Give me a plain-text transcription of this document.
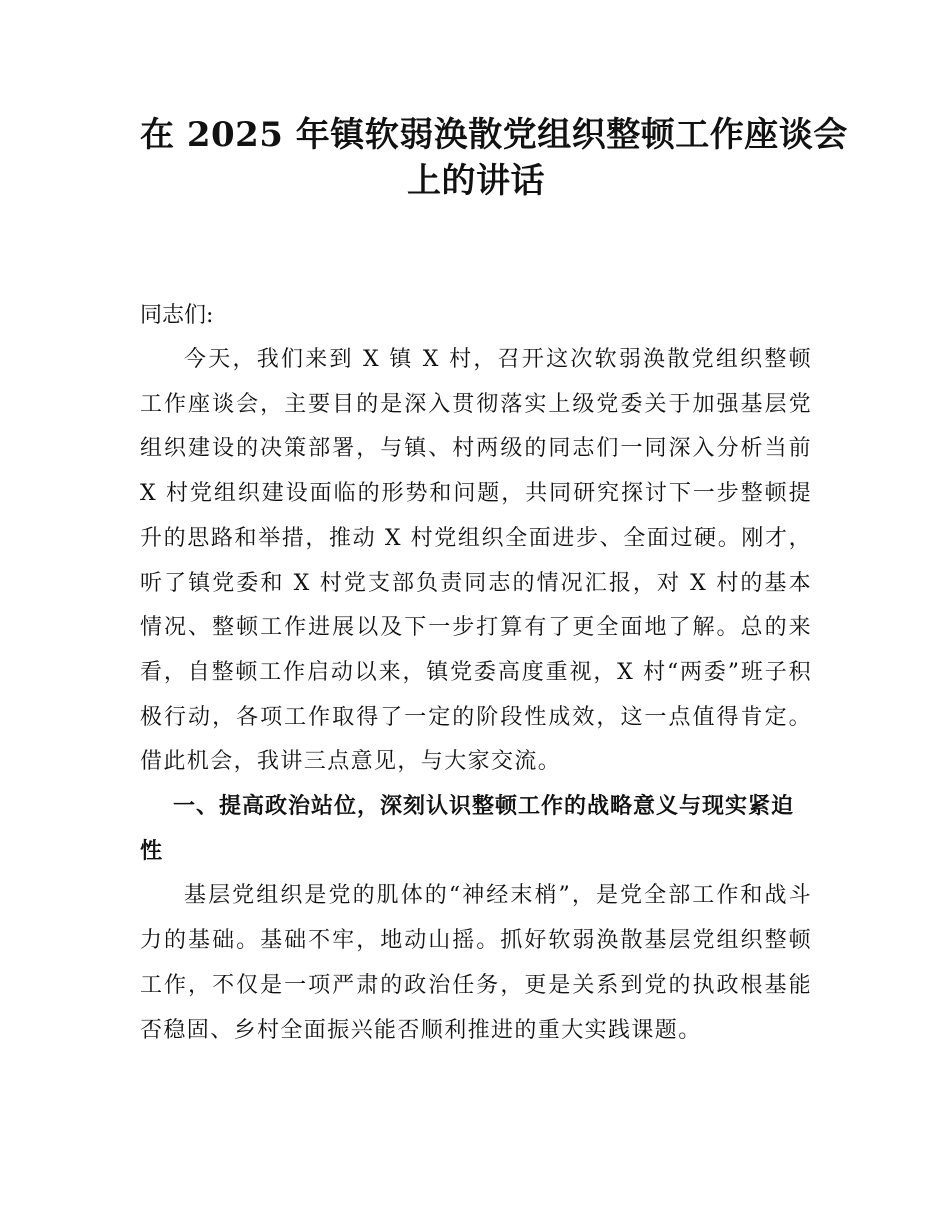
在 2025 年镇软弱涣散党组织整顿工作座谈会
上的讲话
同志们:

今天，我们来到 X 镇 X 村，召开这次软弱涣散党组织整顿工作座谈会，主要目的是深入贯彻落实上级党委关于加强基层党组织建设的决策部署，与镇、村两级的同志们一同深入分析当前 X 村党组织建设面临的形势和问题，共同研究探讨下一步整顿提升的思路和举措，推动 X 村党组织全面进步、全面过硬。刚才，听了镇党委和 X 村党支部负责同志的情况汇报，对 X 村的基本情况、整顿工作进展以及下一步打算有了更全面地了解。总的来看，自整顿工作启动以来，镇党委高度重视，X 村“两委”班子积极行动，各项工作取得了一定的阶段性成效，这一点值得肯定。借此机会，我讲三点意见，与大家交流。

一、提高政治站位，深刻认识整顿工作的战略意义与现实紧迫性

基层党组织是党的肌体的“神经末梢”，是党全部工作和战斗力的基础。基础不牢，地动山摇。抓好软弱涣散基层党组织整顿工作，不仅是一项严肃的政治任务，更是关系到党的执政根基能否稳固、乡村全面振兴能否顺利推进的重大实践课题。
